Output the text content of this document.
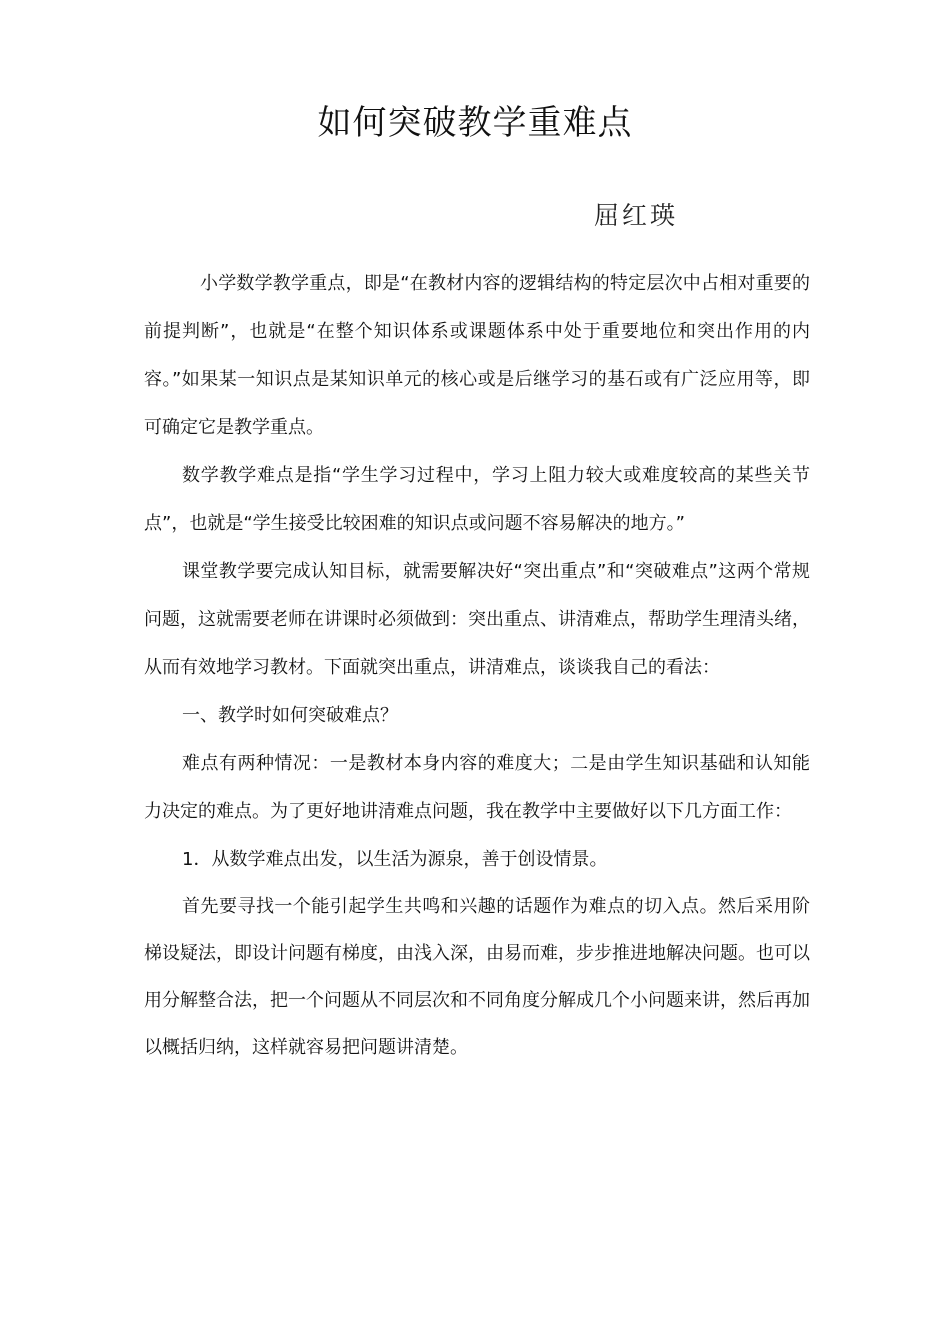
如何突破教学重难点
屈红瑛

小学数学教学重点，即是“在教材内容的逻辑结构的特定层次中占相对重要的前提判断”，也就是“在整个知识体系或课题体系中处于重要地位和突出作用的内容。”如果某一知识点是某知识单元的核心或是后继学习的基石或有广泛应用等，即可确定它是教学重点。

数学教学难点是指“学生学习过程中，学习上阻力较大或难度较高的某些关节点”，也就是“学生接受比较困难的知识点或问题不容易解决的地方。”

课堂教学要完成认知目标，就需要解决好“突出重点”和“突破难点”这两个常规问题，这就需要老师在讲课时必须做到：突出重点、讲清难点，帮助学生理清头绪，从而有效地学习教材。下面就突出重点，讲清难点，谈谈我自己的看法：

一、教学时如何突破难点？

难点有两种情况：一是教材本身内容的难度大；二是由学生知识基础和认知能力决定的难点。为了更好地讲清难点问题，我在教学中主要做好以下几方面工作：

1．从数学难点出发，以生活为源泉，善于创设情景。

首先要寻找一个能引起学生共鸣和兴趣的话题作为难点的切入点。然后采用阶梯设疑法，即设计问题有梯度，由浅入深，由易而难，步步推进地解决问题。也可以用分解整合法，把一个问题从不同层次和不同角度分解成几个小问题来讲，然后再加以概括归纳，这样就容易把问题讲清楚。
